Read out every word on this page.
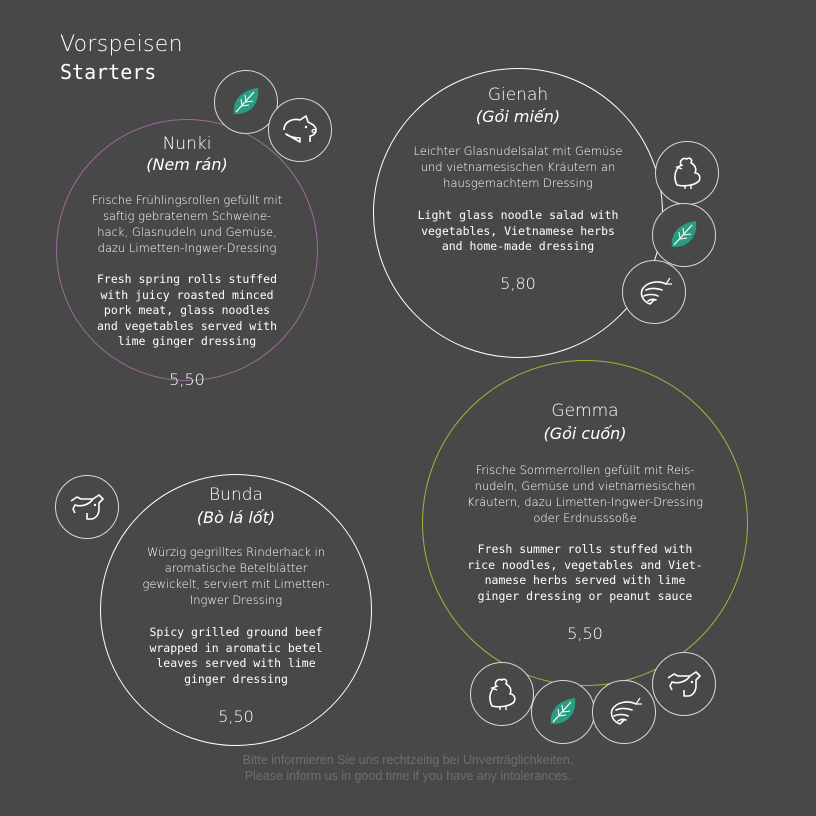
Vorspeisen
Starters
Nunki
(Nem rán)
Frische Frühlingsrollen gefüllt mit
saftig gebratenem Schweine-
hack, Glasnudeln und Gemüse,
dazu Limetten-Ingwer-Dressing
Fresh spring rolls stuffed
with juicy roasted minced
pork meat, glass noodles
and vegetables served with
lime ginger dressing
5,50
Gienah
(Gỏi miến)
Leichter Glasnudelsalat mit Gemüse
und vietnamesischen Kräutern an
hausgemachtem Dressing
Light glass noodle salad with
vegetables, Vietnamese herbs
and home-made dressing
5,80
Gemma
(Gỏi cuốn)
Frische Sommerrollen gefüllt mit Reis-
nudeln, Gemüse und vietnamesischen
Kräutern, dazu Limetten-Ingwer-Dressing
oder Erdnusssoße
Fresh summer rolls stuffed with
rice noodles, vegetables and Viet-
namese herbs served with lime
ginger dressing or peanut sauce
5,50
Bunda
(Bò lá lốt)
Würzig gegrilltes Rinderhack in
aromatische Betelblätter
gewickelt, serviert mit Limetten-
Ingwer Dressing
Spicy grilled ground beef
wrapped in aromatic betel
leaves served with lime
ginger dressing
5,50
Bitte informieren Sie uns rechtzeitig bei Unverträglichkeiten.
Please inform us in good time if you have any intolerances.
